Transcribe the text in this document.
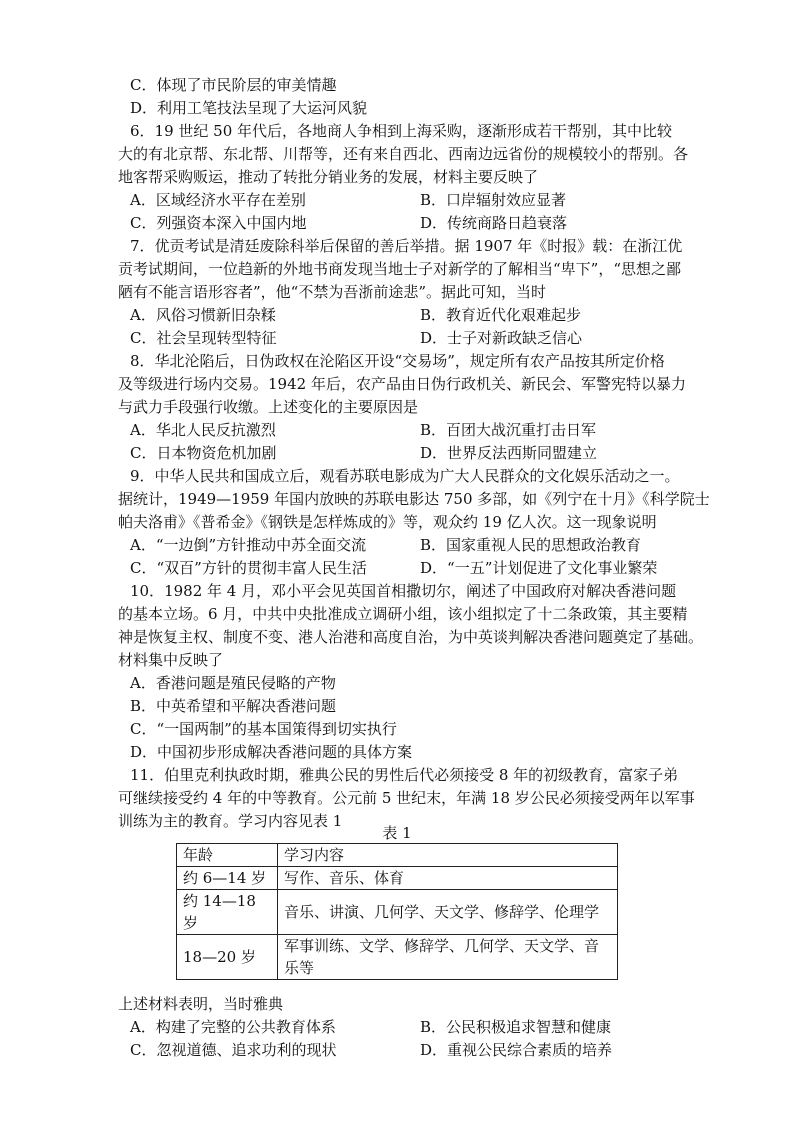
C．体现了市民阶层的审美情趣
D．利用工笔技法呈现了大运河风貌
6．19 世纪 50 年代后，各地商人争相到上海采购，逐渐形成若干帮别，其中比较
大的有北京帮、东北帮、川帮等，还有来自西北、西南边远省份的规模较小的帮别。各
地客帮采购贩运，推动了转批分销业务的发展，材料主要反映了
7．优贡考试是清廷废除科举后保留的善后举措。据 1907 年《时报》载：在浙江优
贡考试期间，一位趋新的外地书商发现当地士子对新学的了解相当“卑下”，“思想之鄙
陋有不能言语形容者”，他“不禁为吾浙前途悲”。据此可知，当时
8．华北沦陷后，日伪政权在沦陷区开设“交易场”，规定所有农产品按其所定价格
及等级进行场内交易。1942 年后，农产品由日伪行政机关、新民会、军警宪特以暴力
与武力手段强行收缴。上述变化的主要原因是
9．中华人民共和国成立后，观看苏联电影成为广大人民群众的文化娱乐活动之一。
据统计，1949—1959 年国内放映的苏联电影达 750 多部，如《列宁在十月》《科学院士
帕夫洛甫》《普希金》《钢铁是怎样炼成的》等，观众约 19 亿人次。这一现象说明
10．1982 年 4 月，邓小平会见英国首相撒切尔，阐述了中国政府对解决香港问题
的基本立场。6 月，中共中央批准成立调研小组，该小组拟定了十二条政策，其主要精
神是恢复主权、制度不变、港人治港和高度自治，为中英谈判解决香港问题奠定了基础。
材料集中反映了
A．香港问题是殖民侵略的产物
B．中英希望和平解决香港问题
C．“一国两制”的基本国策得到切实执行
D．中国初步形成解决香港问题的具体方案
11．伯里克利执政时期，雅典公民的男性后代必须接受 8 年的初级教育，富家子弟
可继续接受约 4 年的中等教育。公元前 5 世纪末，年满 18 岁公民必须接受两年以军事
训练为主的教育。学习内容见表 1
上述材料表明，当时雅典
A．区域经济水平存在差别	B．口岸辐射效应显著
C．列强资本深入中国内地	D．传统商路日趋衰落
A．风俗习惯新旧杂糅	B．教育近代化艰难起步
C．社会呈现转型特征	D．士子对新政缺乏信心
A．华北人民反抗激烈	B．百团大战沉重打击日军
C．日本物资危机加剧	D．世界反法西斯同盟建立
A．“一边倒”方针推动中苏全面交流	B．国家重视人民的思想政治教育
C．“双百”方针的贯彻丰富人民生活	D．“一五”计划促进了文化事业繁荣
A．构建了完整的公共教育体系	B．公民积极追求智慧和健康
C．忽视道德、追求功利的现状	D．重视公民综合素质的培养
表 1
年龄	学习内容
约 6—14 岁	写作、音乐、体育
约 14—18 岁	音乐、讲演、几何学、天文学、修辞学、伦理学
18—20 岁	军事训练、文学、修辞学、几何学、天文学、音乐等
